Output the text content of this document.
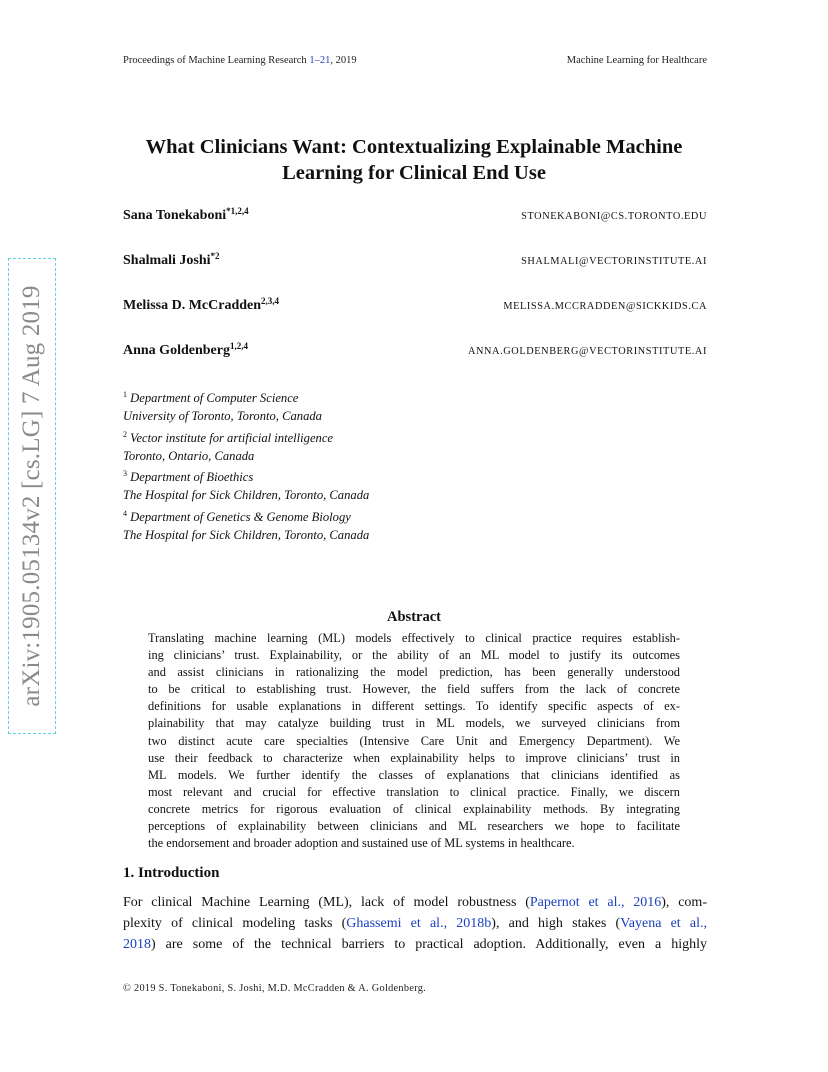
Proceedings of Machine Learning Research 1–21, 2019	Machine Learning for Healthcare
arXiv:1905.05134v2 [cs.LG] 7 Aug 2019
What Clinicians Want: Contextualizing Explainable Machine
Learning for Clinical End Use
Sana Tonekaboni$^{*1,2,4}$	STONEKABONI@CS.TORONTO.EDU
Shalmali Joshi$^{*2}$	SHALMALI@VECTORINSTITUTE.AI
Melissa D. McCradden$^{2,3,4}$	MELISSA.MCCRADDEN@SICKKIDS.CA
Anna Goldenberg$^{1,2,4}$	ANNA.GOLDENBERG@VECTORINSTITUTE.AI
$^1$ Department of Computer Science
University of Toronto, Toronto, Canada
$^2$ Vector institute for artificial intelligence
Toronto, Ontario, Canada
$^3$ Department of Bioethics
The Hospital for Sick Children, Toronto, Canada
$^4$ Department of Genetics & Genome Biology
The Hospital for Sick Children, Toronto, Canada
Abstract
Translating machine learning (ML) models effectively to clinical practice requires establish-
ing clinicians’ trust. Explainability, or the ability of an ML model to justify its outcomes
and assist clinicians in rationalizing the model prediction, has been generally understood
to be critical to establishing trust. However, the field suffers from the lack of concrete
definitions for usable explanations in different settings. To identify specific aspects of ex-
plainability that may catalyze building trust in ML models, we surveyed clinicians from
two distinct acute care specialties (Intensive Care Unit and Emergency Department). We
use their feedback to characterize when explainability helps to improve clinicians’ trust in
ML models. We further identify the classes of explanations that clinicians identified as
most relevant and crucial for effective translation to clinical practice. Finally, we discern
concrete metrics for rigorous evaluation of clinical explainability methods. By integrating
perceptions of explainability between clinicians and ML researchers we hope to facilitate
the endorsement and broader adoption and sustained use of ML systems in healthcare.
1. Introduction
For clinical Machine Learning (ML), lack of model robustness (Papernot et al., 2016), com-
plexity of clinical modeling tasks (Ghassemi et al., 2018b), and high stakes (Vayena et al.,
2018) are some of the technical barriers to practical adoption. Additionally, even a highly
© 2019 S. Tonekaboni, S. Joshi, M.D. McCradden & A. Goldenberg.
